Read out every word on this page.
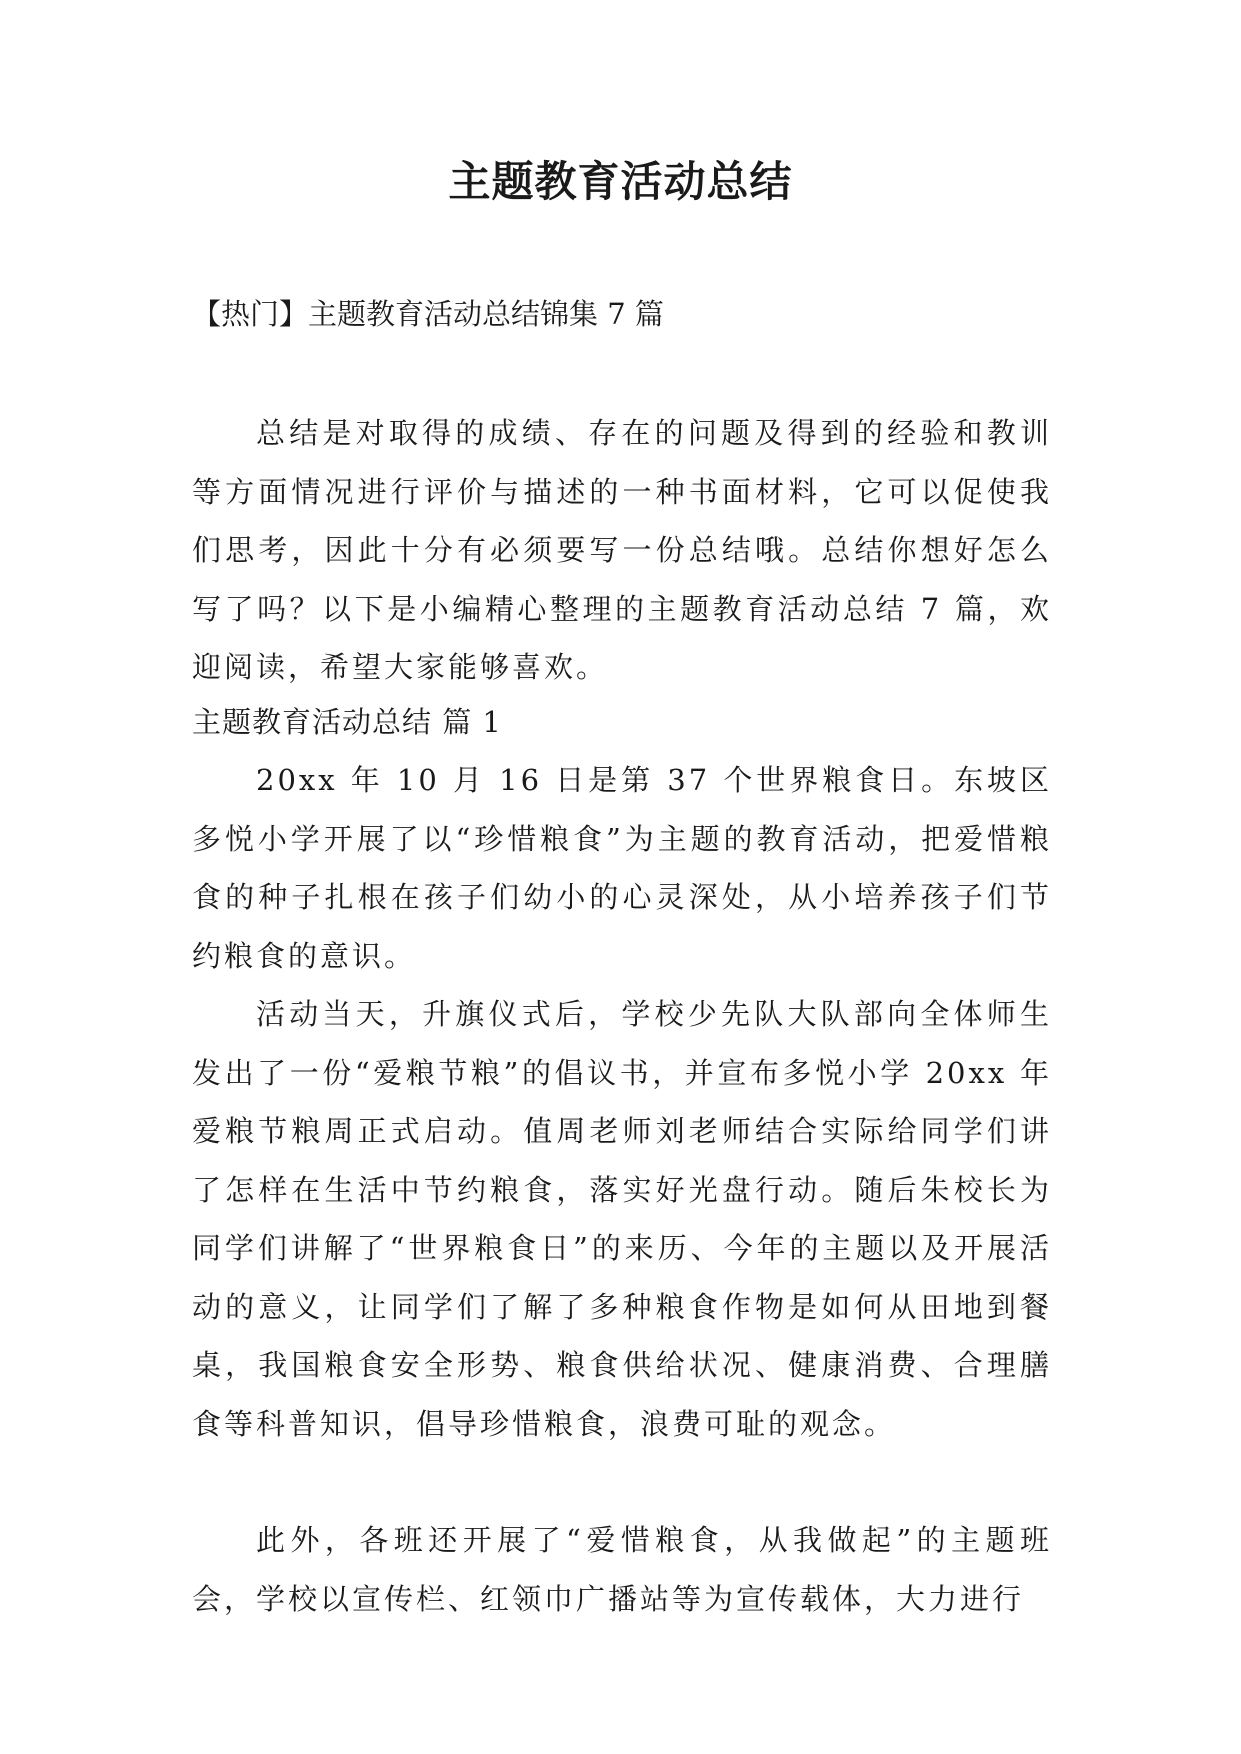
主题教育活动总结

【热门】主题教育活动总结锦集 7 篇

总结是对取得的成绩、存在的问题及得到的经验和教训等方面情况进行评价与描述的一种书面材料，它可以促使我们思考，因此十分有必须要写一份总结哦。总结你想好怎么写了吗？以下是小编精心整理的主题教育活动总结 7 篇，欢迎阅读，希望大家能够喜欢。

主题教育活动总结 篇 1

20xx 年 10 月 16 日是第 37 个世界粮食日。东坡区多悦小学开展了以“珍惜粮食”为主题的教育活动，把爱惜粮食的种子扎根在孩子们幼小的心灵深处，从小培养孩子们节约粮食的意识。

活动当天，升旗仪式后，学校少先队大队部向全体师生发出了一份“爱粮节粮”的倡议书，并宣布多悦小学 20xx 年爱粮节粮周正式启动。值周老师刘老师结合实际给同学们讲了怎样在生活中节约粮食，落实好光盘行动。随后朱校长为同学们讲解了“世界粮食日”的来历、今年的主题以及开展活动的意义，让同学们了解了多种粮食作物是如何从田地到餐桌，我国粮食安全形势、粮食供给状况、健康消费、合理膳食等科普知识，倡导珍惜粮食，浪费可耻的观念。

此外，各班还开展了“爱惜粮食，从我做起”的主题班会，学校以宣传栏、红领巾广播站等为宣传载体，大力进行
